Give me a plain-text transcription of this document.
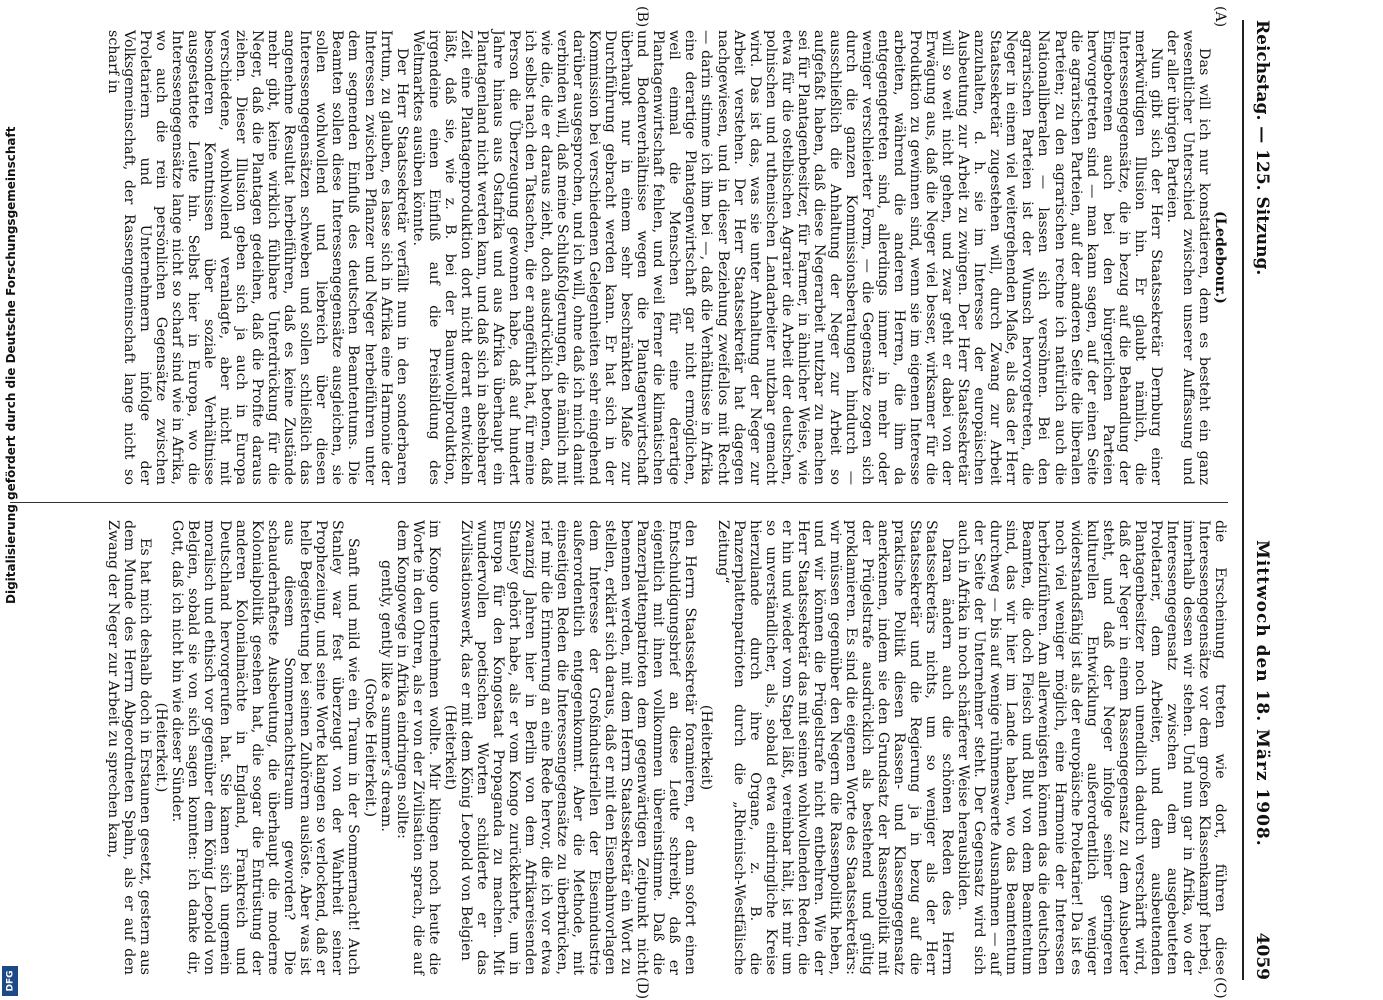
Reichstag. — 125. Sitzung.
Mittwoch den 18. März 1908.
4059
(A)
(B)
(C)
(D)

(Ledebour.)

Das will ich nur konstatieren, denn es besteht ein ganz wesentlicher Unterschied zwischen unserer Auffassung und der aller übrigen Parteien.

Nun gibt sich der Herr Staatssekretär Dernburg einer merkwürdigen Illusion hin. Er glaubt nämlich, die Interessengegensätze, die in bezug auf die Behandlung der Eingeborenen auch bei den bürgerlichen Parteien hervorgetreten sind — man kann sagen, auf der einen Seite die agrarischen Parteien, auf der anderen Seite die liberalen Parteien; zu den agrarischen rechne ich natürlich auch die Nationalliberalen — lassen sich versöhnen. Bei den agrarischen Parteien ist der Wunsch hervorgetreten, die Neger in einem viel weitergehenden Maße, als das der Herr Staatssekretär zugestehen will, durch Zwang zur Arbeit anzuhalten, d. h. sie im Interesse der europäischen Ausbeutung zur Arbeit zu zwingen. Der Herr Staatssekretär will so weit nicht gehen, und zwar geht er dabei von der Erwägung aus, daß die Neger viel besser, wirksamer für die Produktion zu gewinnen sind, wenn sie im eigenen Interesse arbeiten, während die anderen Herren, die ihm da entgegengetreten sind, allerdings immer in mehr oder weniger verschleierter Form, — die Gegensätze zogen sich durch die ganzen Kommissionsberatungen hindurch — ausschließlich die Anhaltung der Neger zur Arbeit so aufgefaßt haben, daß diese Negerarbeit nutzbar zu machen sei für Plantagenbesitzer, für Farmer, in ähnlicher Weise, wie etwa für die ostelbischen Agrarier die Arbeit der deutschen, polnischen und ruthenischen Landarbeiter nutzbar gemacht wird. Das ist das, was sie unter Anhaltung der Neger zur Arbeit verstehen. Der Herr Staatssekretär hat dagegen nachgewiesen, und in dieser Beziehung zweifellos mit Recht — darin stimme ich ihm bei —, daß die Verhältnisse in Afrika eine derartige Plantagenwirtschaft gar nicht ermöglichen, weil einmal die Menschen für eine derartige Plantagenwirtschaft fehlen, und weil ferner die klimatischen und Bodenverhältnisse wegen die Plantagenwirtschaft überhaupt nur in einem sehr beschränkten Maße zur Durchführung gebracht werden kann. Er hat sich in der Kommission bei verschiedenen Gelegenheiten sehr eingehend darüber ausgesprochen, und ich will, ohne daß ich mich damit verbinden will, daß meine Schlußfolgerungen, die nämlich mit wie die, die er daraus zieht, doch ausdrücklich betonen, daß ich selbst nach den Tatsachen, die er angeführt hat, für meine Person die Überzeugung gewonnen habe, daß auf hundert Jahre hinaus aus Ostafrika und aus Afrika überhaupt ein Plantagenland nicht werden kann, und daß sich in absehbarer Zeit eine Plantagenproduktion dort nicht derart entwickeln läßt, daß sie, wie z. B. bei der Baumwollproduktion, irgendeine einen Einfluß auf die Preisbildung des Weltmarktes ausüben könnte.

Der Herr Staatssekretär verfällt nun in den sonderbaren Irrtum, zu glauben, es lasse sich in Afrika eine Harmonie der Interessen zwischen Pflanzer und Neger herbeiführen unter dem segnenden Einfluß des deutschen Beamtentums. Die Beamten sollen diese Interessengegensätze ausgleichen, sie sollen wohlwollend und liebreich über diesen Interessengegensätzen schweben und sollen schließlich das angenehme Resultat herbeiführen, daß es keine Zustände mehr gibt, keine wirklich fühlbare Unterdrückung für die Neger, daß die Plantagen gedeihen, daß die Profite daraus ziehen. Dieser Illusion geben sich ja auch in Europa verschiedene, wohlwollend veranlagte, aber nicht mit besonderen Kenntnissen über soziale Verhältnisse ausgestattete Leute hin. Selbst hier in Europa, wo die Interessengegensätze lange nicht so scharf sind wie in Afrika, wo auch die rein persönlichen Gegensätze zwischen Proletariern und Unternehmern infolge der Volksgemeinschaft, der Rassengemeinschaft lange nicht so scharf in

die Erscheinung treten wie dort, führen diese Interessengegensätze vor dem großen Klassenkampf herbei, innerhalb dessen wir stehen. Und nun gar in Afrika, wo der Interessengegensatz zwischen dem ausgebeuteten Proletarier, dem Arbeiter, und dem ausbeutenden Plantagenbesitzer noch unendlich dadurch verschärft wird, daß der Neger in einem Rassengegensatz zu dem Ausbeuter steht, und daß der Neger infolge seiner geringeren kulturellen Entwicklung außerordentlich weniger widerstandsfähig ist als der europäische Proletarier! Da ist es noch viel weniger möglich, eine Harmonie der Interessen herbeizuführen. Am allerwenigsten können das die deutschen Beamten, die doch Fleisch und Blut von dem Beamtentum sind, das wir hier im Lande haben, wo das Beamtentum durchweg — bis auf wenige rühmenswerte Ausnahmen — auf der Seite der Unternehmer steht. Der Gegensatz wird sich auch in Afrika in noch schärferer Weise herausbilden.

Daran ändern auch die schönen Reden des Herrn Staatssekretärs nichts, um so weniger als der Herr Staatssekretär und die Regierung ja in bezug auf die praktische Politik diesen Rassen- und Klassengegensatz anerkennen, indem sie den Grundsatz der Rassenpolitik mit der Prügelstrafe ausdrücklich als bestehend und gültig proklamieren. Es sind die eigenen Worte des Staatssekretärs: wir müssen gegenüber den Negern die Rassenpolitik heben, und wir können die Prügelstrafe nicht entbehren. Wie der Herr Staatssekretär das mit seinen wohlwollenden Reden, die er hin und wieder vom Stapel läßt, vereinbar hält, ist mir um so unverständlicher, als, sobald etwa eindringliche Kreise hierzulande durch ihre Organe, z. B. die Panzerplattenpatrioten durch die „Rheinisch-Westfälische Zeitung“

(Heiterkeit)

den Herrn Staatssekretär foramieren, er dann sofort einen Entschuldigungsbrief an diese Leute schreibt, daß er eigentlich mit ihnen vollkommen übereinstimme. Daß die Panzerplattenpatrioten dem gegenwärtigen Zeitpunkt nicht benennen werden, mit dem Herrn Staatssekretär ein Wort zu stellen, erklärt sich daraus, daß er mit den Eisenbahnvorlagen dem Interesse der Großindustriellen der Eisenindustrie außerordentlich entgegenkommt. Aber die Methode, mit einseitigen Reden die Interessengegensätze zu überbrücken, rief mir die Erinnerung an eine Rede hervor, die ich vor etwa zwanzig Jahren hier in Berlin von dem Afrikareisenden Stanley gehört habe, als er vom Kongo zurückkehrte, um in Europa für den Kongostaat Propaganda zu machen. Mit wundervollen poetischen Worten schilderte er das Zivilisationswerk, das er mit dem König Leopold von Belgien

(Heiterkeit)

im Kongo unternehmen wollte. Mir klingen noch heute die Worte in den Ohren, als er von der Zivilisation sprach, die auf dem Kongowege in Afrika eindringen sollte:

gently, gently like a summer's dream.

(Große Heiterkeit.)

Sanft und mild wie ein Traum in der Sommernacht! Auch Stanley war fest überzeugt von der Wahrheit seiner Prophezeiung, und seine Worte klangen so verlockend, daß er helle Begeisterung bei seinen Zuhörern auslöste. Aber was ist aus diesem Sommernachtstraum geworden? Die schauderhafteste Ausbeutung, die überhaupt die moderne Kolonialpolitik gesehen hat, die sogar die Entrüstung der anderen Kolonialmächte in England, Frankreich und Deutschland hervorgerufen hat. Sie kamen sich ungemein moralisch und ethisch vor gegenüber dem König Leopold von Belgien, sobald sie von sich sagen konnten: ich danke dir, Gott, daß ich nicht bin wie dieser Sünder.

(Heiterkeit.)

Es hat mich deshalb doch in Erstaunen gesetzt, gestern aus dem Munde des Herrn Abgeordneten Spahn, als er auf den Zwang der Neger zur Arbeit zu sprechen kam,

Digitalisierung gefördert durch die Deutsche Forschungsgemeinschaft
DFG
